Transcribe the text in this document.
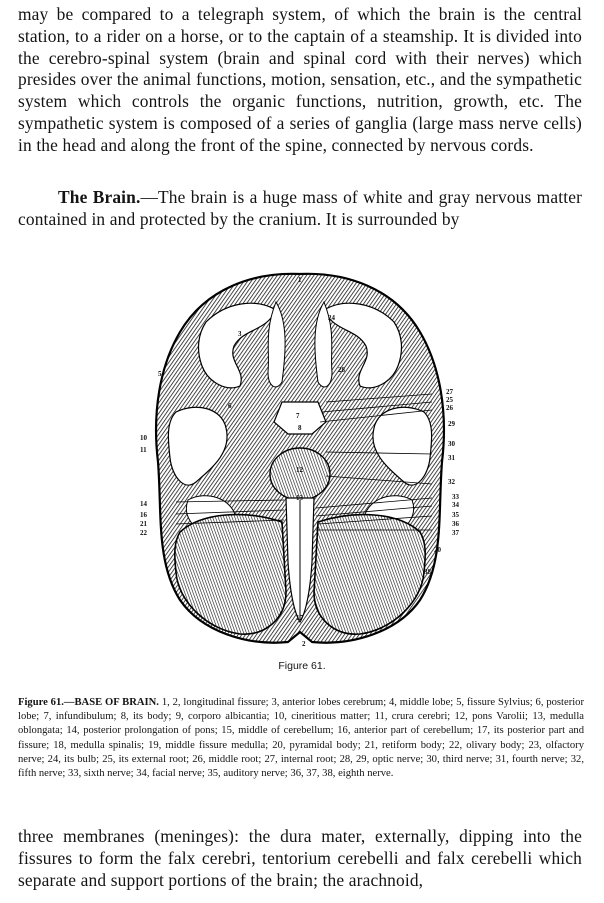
may be compared to a telegraph system, of which the brain is the central station, to a rider on a horse, or to the captain of a steamship. It is divided into the cerebro-spinal system (brain and spinal cord with their nerves) which presides over the animal functions, motion, sensation, etc., and the sympathetic system which controls the organic functions, nutrition, growth, etc. The sympathetic system is composed of a series of ganglia (large mass nerve cells) in the head and along the front of the spine, connected by nervous cords.

The Brain.—The brain is a huge mass of white and gray nervous matter contained in and protected by the cranium. It is surrounded by

1
2
3
5
6
7
8
10
11
12
13
14
16
17
20
21
22
24
25
26
27
28
29
30
31
32
33
34
35
36
37
38
Figure 61.

Figure 61.—BASE OF BRAIN. 1, 2, longitudinal fissure; 3, anterior lobes cerebrum; 4, middle lobe; 5, fissure Sylvius; 6, posterior lobe; 7, infundibulum; 8, its body; 9, corporo albicantia; 10, cineritious matter; 11, crura cerebri; 12, pons Varolii; 13, medulla oblongata; 14, posterior prolongation of pons; 15, middle of cerebellum; 16, anterior part of cerebellum; 17, its posterior part and fissure; 18, medulla spinalis; 19, middle fissure medulla; 20, pyramidal body; 21, retiform body; 22, olivary body; 23, olfactory nerve; 24, its bulb; 25, its external root; 26, middle root; 27, internal root; 28, 29, optic nerve; 30, third nerve; 31, fourth nerve; 32, fifth nerve; 33, sixth nerve; 34, facial nerve; 35, auditory nerve; 36, 37, 38, eighth nerve.

three membranes (meninges): the dura mater, externally, dipping into the fissures to form the falx cerebri, tentorium cerebelli and falx cerebelli which separate and support portions of the brain; the arachnoid,
